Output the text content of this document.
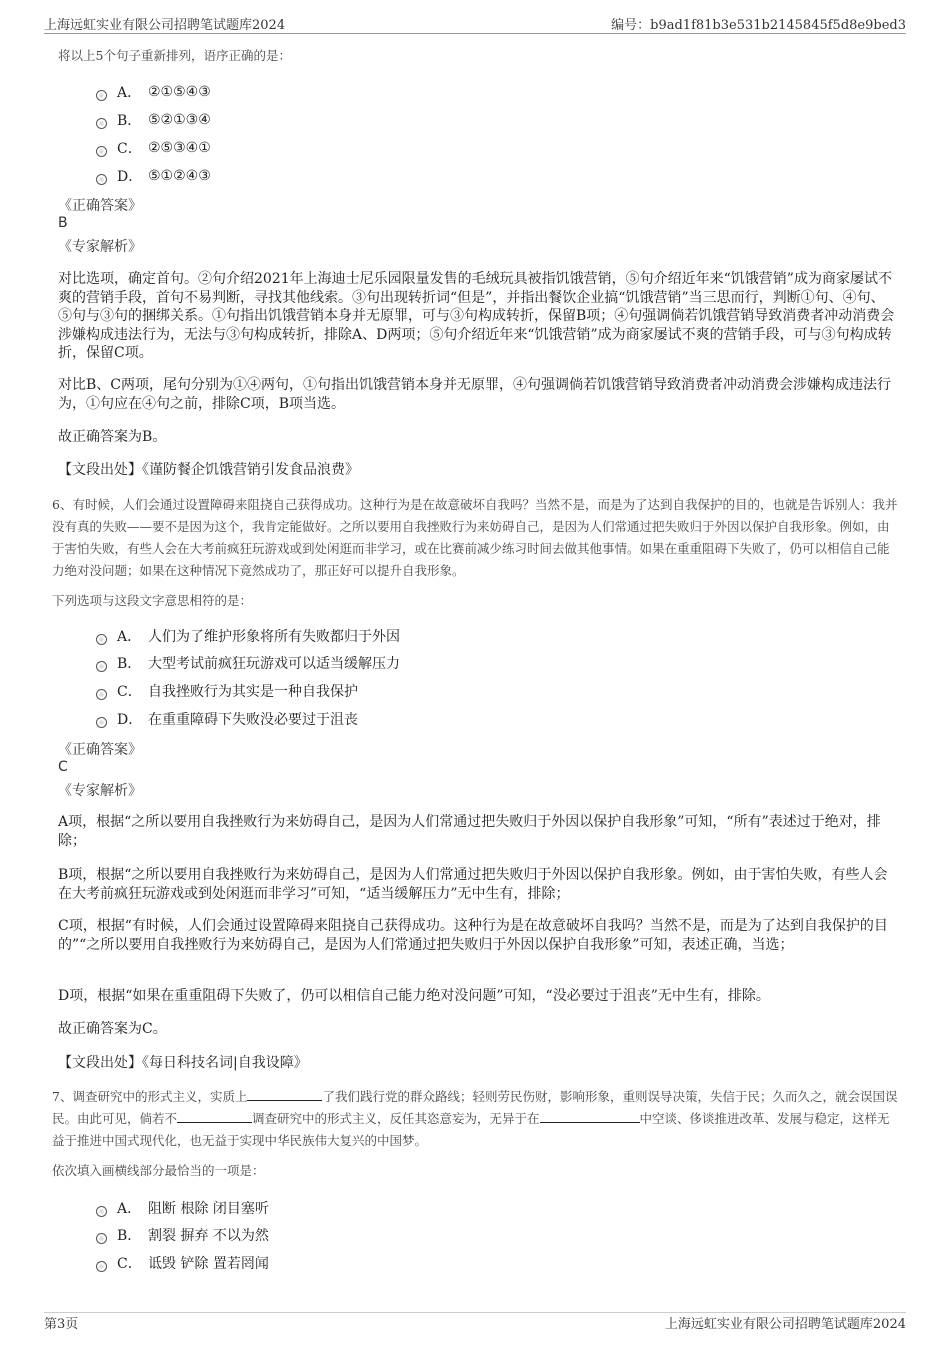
上海远虹实业有限公司招聘笔试题库2024	编号：b9ad1f81b3e531b2145845f5d8e9bed3
将以上5个句子重新排列，语序正确的是：
A． ②①⑤④③
B． ⑤②①③④
C． ②⑤③④①
D． ⑤①②④③
《正确答案》
B
《专家解析》
对比选项，确定首句。②句介绍2021年上海迪士尼乐园限量发售的毛绒玩具被指饥饿营销，⑤句介绍近年来“饥饿营销”成为商家屡试不爽的营销手段，首句不易判断，寻找其他线索。③句出现转折词“但是”，并指出餐饮企业搞“饥饿营销”当三思而行，判断①句、④句、⑤句与③句的捆绑关系。①句指出饥饿营销本身并无原罪，可与③句构成转折，保留B项；④句强调倘若饥饿营销导致消费者冲动消费会涉嫌构成违法行为，无法与③句构成转折，排除A、D两项；⑤句介绍近年来“饥饿营销”成为商家屡试不爽的营销手段，可与③句构成转折，保留C项。
对比B、C两项，尾句分别为①④两句，①句指出饥饿营销本身并无原罪，④句强调倘若饥饿营销导致消费者冲动消费会涉嫌构成违法行为，①句应在④句之前，排除C项，B项当选。
故正确答案为B。
【文段出处】《谨防餐企饥饿营销引发食品浪费》
6、有时候，人们会通过设置障碍来阻挠自己获得成功。这种行为是在故意破坏自我吗？当然不是，而是为了达到自我保护的目的，也就是告诉别人：我并没有真的失败——要不是因为这个，我肯定能做好。之所以要用自我挫败行为来妨碍自己，是因为人们常通过把失败归于外因以保护自我形象。例如，由于害怕失败，有些人会在大考前疯狂玩游戏或到处闲逛而非学习，或在比赛前减少练习时间去做其他事情。如果在重重阻碍下失败了，仍可以相信自己能力绝对没问题；如果在这种情况下竟然成功了，那正好可以提升自我形象。
下列选项与这段文字意思相符的是：
A． 人们为了维护形象将所有失败都归于外因
B． 大型考试前疯狂玩游戏可以适当缓解压力
C． 自我挫败行为其实是一种自我保护
D． 在重重障碍下失败没必要过于沮丧
《正确答案》
C
《专家解析》
A项，根据“之所以要用自我挫败行为来妨碍自己，是因为人们常通过把失败归于外因以保护自我形象”可知，“所有”表述过于绝对，排除；
B项，根据“之所以要用自我挫败行为来妨碍自己，是因为人们常通过把失败归于外因以保护自我形象。例如，由于害怕失败，有些人会在大考前疯狂玩游戏或到处闲逛而非学习”可知，“适当缓解压力”无中生有，排除；
C项，根据“有时候，人们会通过设置障碍来阻挠自己获得成功。这种行为是在故意破坏自我吗？当然不是，而是为了达到自我保护的目的”“之所以要用自我挫败行为来妨碍自己，是因为人们常通过把失败归于外因以保护自我形象”可知，表述正确，当选；
D项，根据“如果在重重阻碍下失败了，仍可以相信自己能力绝对没问题”可知，“没必要过于沮丧”无中生有，排除。
故正确答案为C。
【文段出处】《每日科技名词|自我设障》
7、调查研究中的形式主义，实质上	了我们践行党的群众路线；轻则劳民伤财，影响形象，重则误导决策，失信于民；久而久之，就会误国误民。由此可见，倘若不	调查研究中的形式主义，反任其恣意妄为，无异于在	中空谈、侈谈推进改革、发展与稳定，这样无益于推进中国式现代化，也无益于实现中华民族伟大复兴的中国梦。
依次填入画横线部分最恰当的一项是：
A． 阻断 根除 闭目塞听
B． 割裂 摒弃 不以为然
C． 诋毁 铲除 置若罔闻
第3页	上海远虹实业有限公司招聘笔试题库2024
